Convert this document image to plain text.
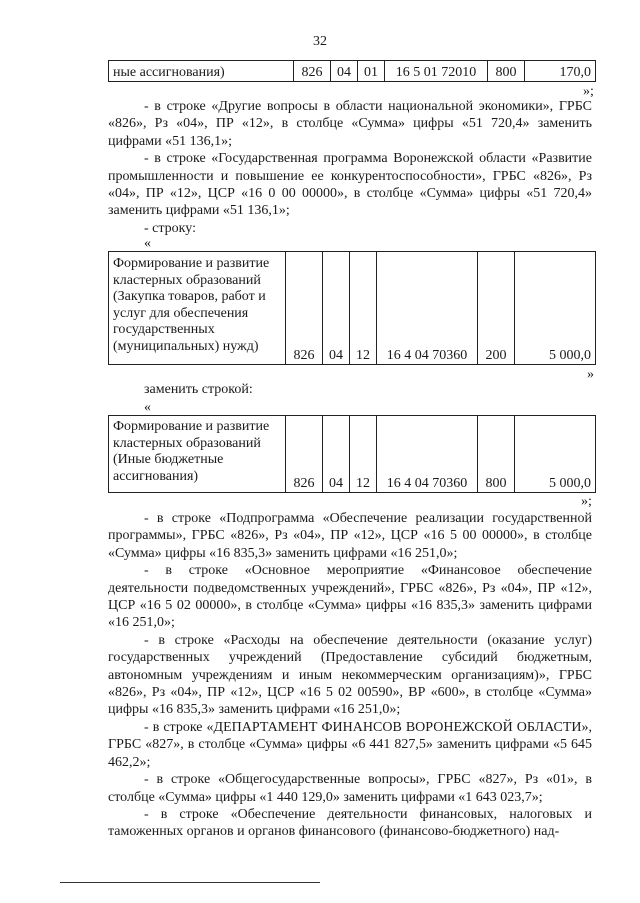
32
ные ассигнования)	826	04	01	16 5 01 72010	800	170,0
»;

- в строке «Другие вопросы в области национальной экономики», ГРБС «826», Рз «04», ПР «12», в столбце «Сумма» цифры «51 720,4» заменить цифрами «51 136,1»;

- в строке «Государственная программа Воронежской области «Развитие промышленности и повышение ее конкурентоспособности», ГРБС «826», Рз «04», ПР «12», ЦСР «16 0 00 00000», в столбце «Сумма» цифры «51 720,4» заменить цифрами «51 136,1»;

- строку:

«
Формирование и развитие кластерных образований (Закупка товаров, работ и услуг для обеспечения государственных (муниципальных) нужд)	826	04	12	16 4 04 70360	200	5 000,0
»
заменить строкой:
«
Формирование и развитие кластерных образований (Иные бюджетные ассигнования)	826	04	12	16 4 04 70360	800	5 000,0
»;

- в строке «Подпрограмма «Обеспечение реализации государственной программы», ГРБС «826», Рз «04», ПР «12», ЦСР «16 5 00 00000», в столбце «Сумма» цифры «16 835,3» заменить цифрами «16 251,0»;

- в строке «Основное мероприятие «Финансовое обеспечение деятельности подведомственных учреждений», ГРБС «826», Рз «04», ПР «12», ЦСР «16 5 02 00000», в столбце «Сумма» цифры «16 835,3» заменить цифрами «16 251,0»;

- в строке «Расходы на обеспечение деятельности (оказание услуг) государственных учреждений (Предоставление субсидий бюджетным, автономным учреждениям и иным некоммерческим организациям)», ГРБС «826», Рз «04», ПР «12», ЦСР «16 5 02 00590», ВР «600», в столбце «Сумма» цифры «16 835,3» заменить цифрами «16 251,0»;

- в строке «ДЕПАРТАМЕНТ ФИНАНСОВ ВОРОНЕЖСКОЙ ОБЛАСТИ», ГРБС «827», в столбце «Сумма» цифры «6 441 827,5» заменить цифрами «5 645 462,2»;

- в строке «Общегосударственные вопросы», ГРБС «827», Рз «01», в столбце «Сумма» цифры «1 440 129,0» заменить цифрами «1 643 023,7»;

- в строке «Обеспечение деятельности финансовых, налоговых и таможенных органов и органов финансового (финансово-бюджетного) над-
